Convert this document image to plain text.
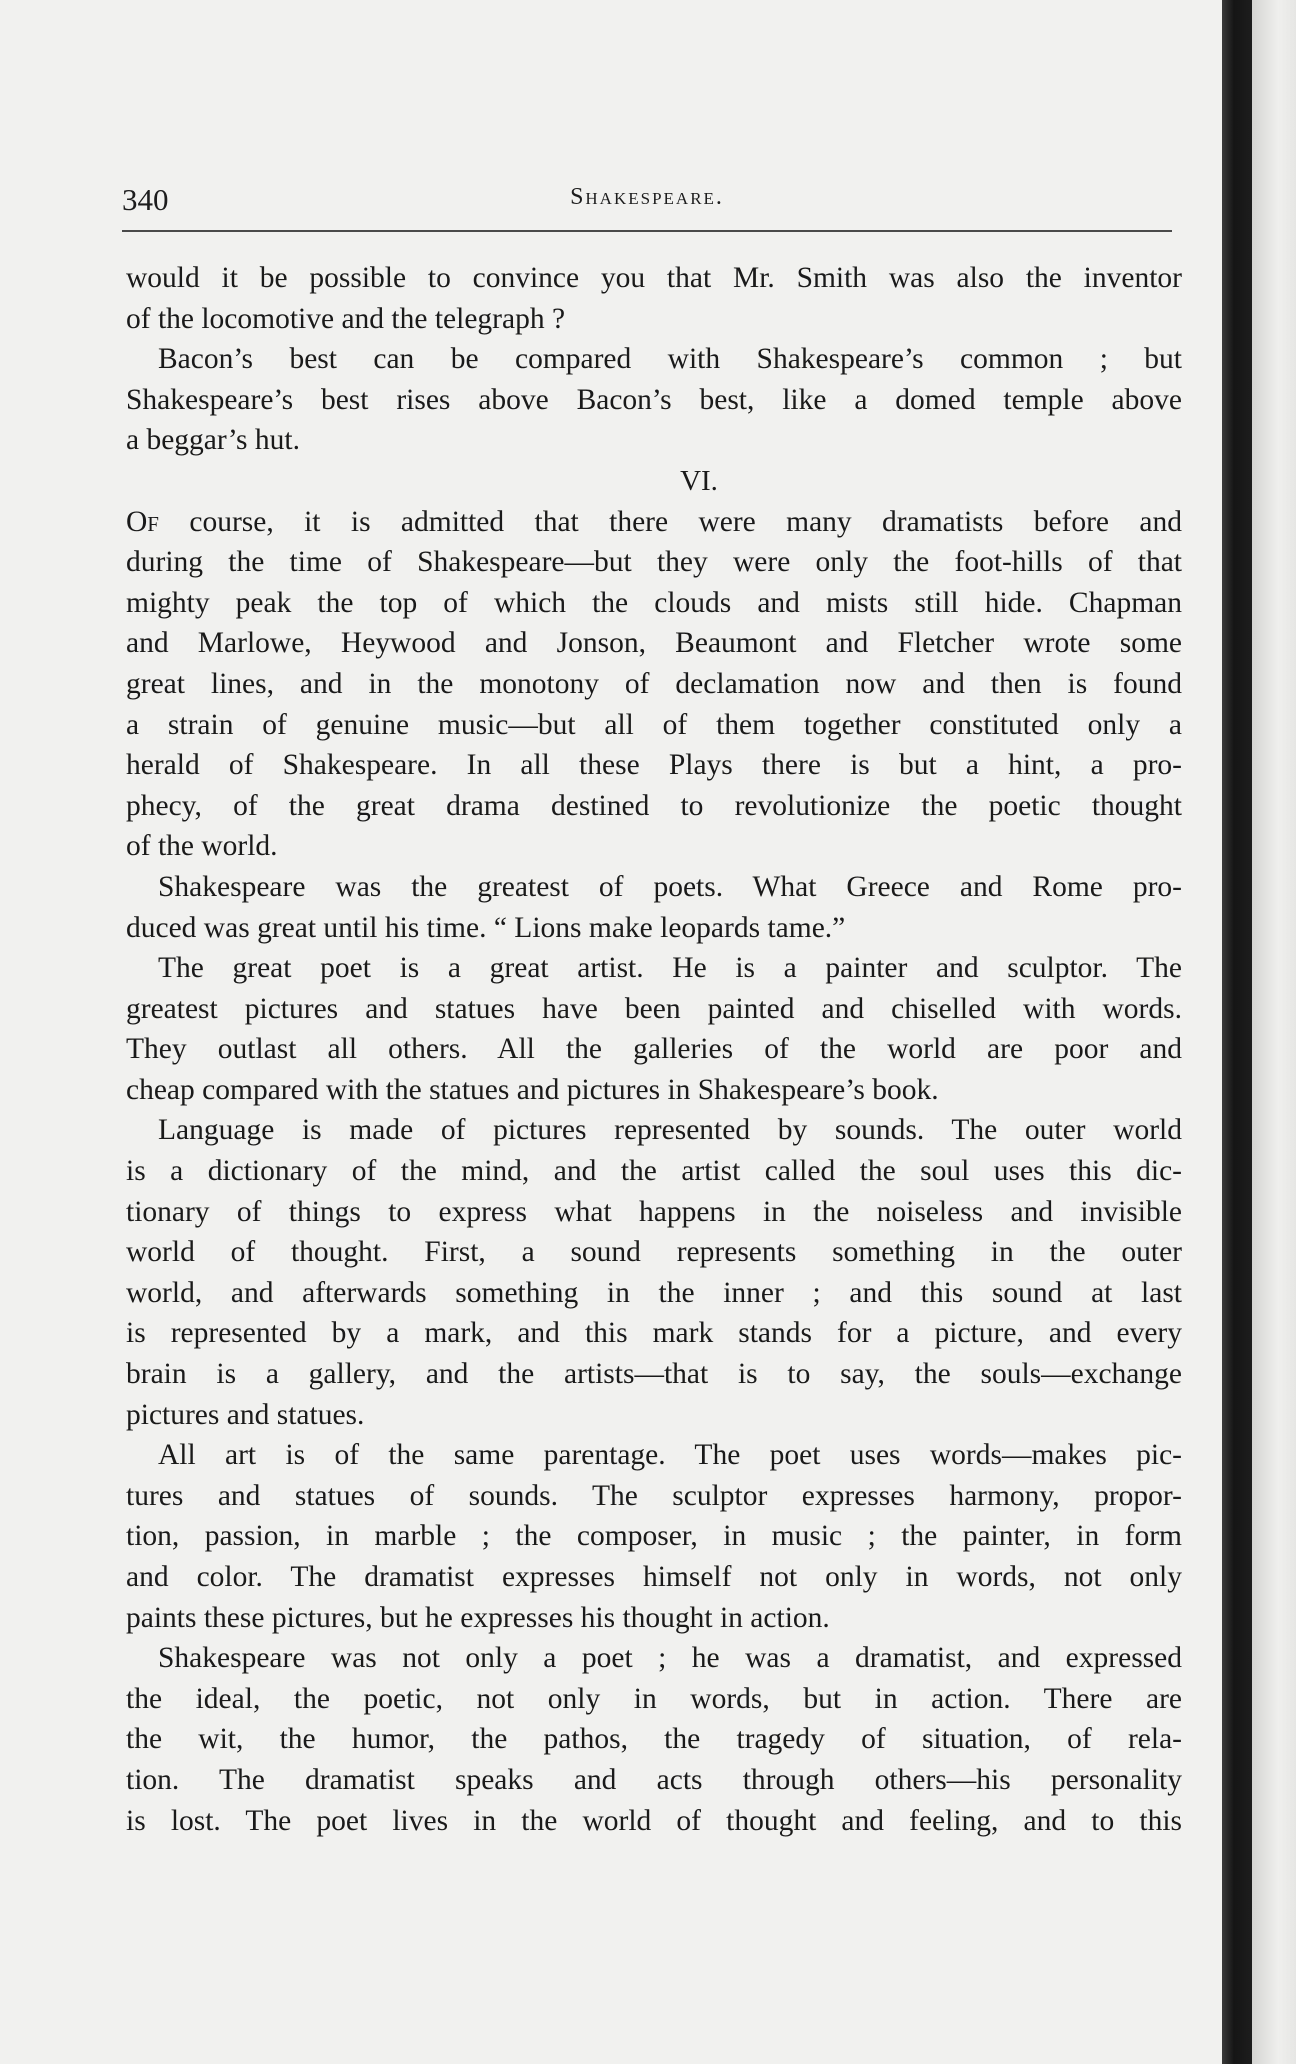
340	Shakespeare.
would it be possible to convince you that Mr. Smith was also the inventor
of the locomotive and the telegraph ?
Bacon’s best can be compared with Shakespeare’s common ; but
Shakespeare’s best rises above Bacon’s best, like a domed temple above
a beggar’s hut.
VI.
Of course, it is admitted that there were many dramatists before and
during the time of Shakespeare—but they were only the foot-hills of that
mighty peak the top of which the clouds and mists still hide. Chapman
and Marlowe, Heywood and Jonson, Beaumont and Fletcher wrote some
great lines, and in the monotony of declamation now and then is found
a strain of genuine music—but all of them together constituted only a
herald of Shakespeare. In all these Plays there is but a hint, a pro-
phecy, of the great drama destined to revolutionize the poetic thought
of the world.
Shakespeare was the greatest of poets. What Greece and Rome pro-
duced was great until his time. “ Lions make leopards tame.”
The great poet is a great artist. He is a painter and sculptor. The
greatest pictures and statues have been painted and chiselled with words.
They outlast all others. All the galleries of the world are poor and
cheap compared with the statues and pictures in Shakespeare’s book.
Language is made of pictures represented by sounds. The outer world
is a dictionary of the mind, and the artist called the soul uses this dic-
tionary of things to express what happens in the noiseless and invisible
world of thought. First, a sound represents something in the outer
world, and afterwards something in the inner ; and this sound at last
is represented by a mark, and this mark stands for a picture, and every
brain is a gallery, and the artists—that is to say, the souls—exchange
pictures and statues.
All art is of the same parentage. The poet uses words—makes pic-
tures and statues of sounds. The sculptor expresses harmony, propor-
tion, passion, in marble ; the composer, in music ; the painter, in form
and color. The dramatist expresses himself not only in words, not only
paints these pictures, but he expresses his thought in action.
Shakespeare was not only a poet ; he was a dramatist, and expressed
the ideal, the poetic, not only in words, but in action. There are
the wit, the humor, the pathos, the tragedy of situation, of rela-
tion. The dramatist speaks and acts through others—his personality
is lost. The poet lives in the world of thought and feeling, and to this
